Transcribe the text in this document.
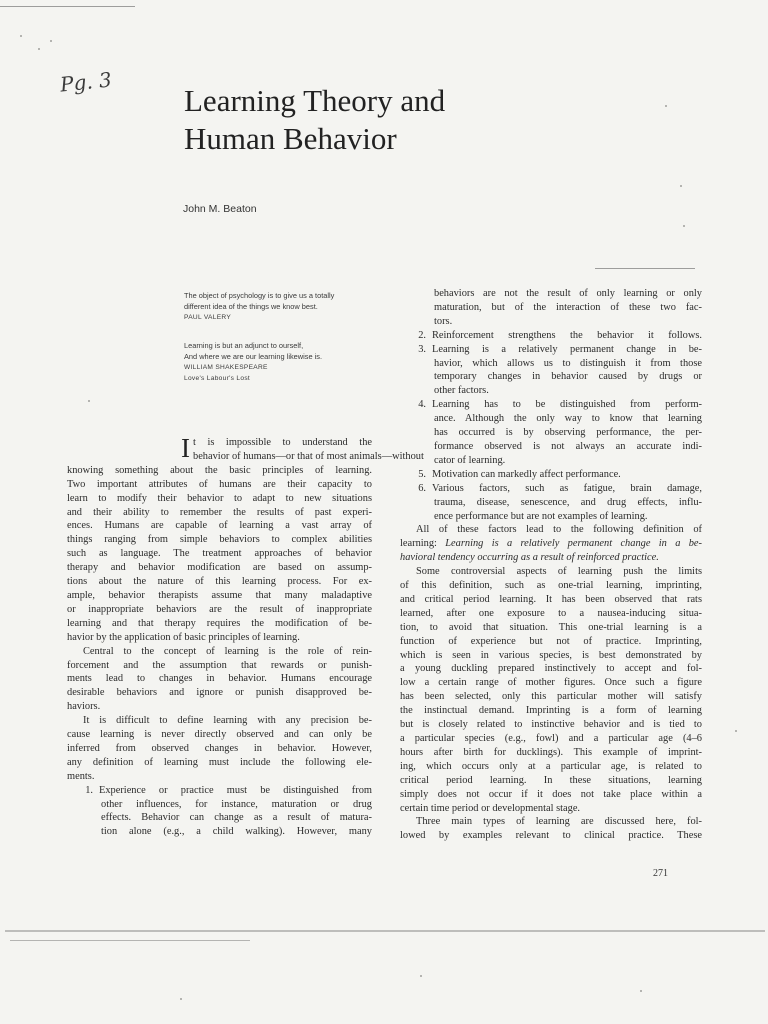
Pg. 3
Learning Theory and
Human Behavior
John M. Beaton
The object of psychology is to give us a totally
different idea of the things we know best.
PAUL VALERY
Learning is but an adjunct to ourself,
And where we are our learning likewise is.
WILLIAM SHAKESPEARE
Love's Labour's Lost
I t is impossible to understand the
behavior of humans—or that of most animals—without
knowing something about the basic principles of learning.
Two important attributes of humans are their capacity to
learn to modify their behavior to adapt to new situations
and their ability to remember the results of past experi-
ences. Humans are capable of learning a vast array of
things ranging from simple behaviors to complex abilities
such as language. The treatment approaches of behavior
therapy and behavior modification are based on assump-
tions about the nature of this learning process. For ex-
ample, behavior therapists assume that many maladaptive
or inappropriate behaviors are the result of inappropriate
learning and that therapy requires the modification of be-
havior by the application of basic principles of learning.
Central to the concept of learning is the role of rein-
forcement and the assumption that rewards or punish-
ments lead to changes in behavior. Humans encourage
desirable behaviors and ignore or punish disapproved be-
haviors.
It is difficult to define learning with any precision be-
cause learning is never directly observed and can only be
inferred from observed changes in behavior. However,
any definition of learning must include the following ele-
ments.
1. Experience or practice must be distinguished from
other influences, for instance, maturation or drug
effects. Behavior can change as a result of matura-
tion alone (e.g., a child walking). However, many
behaviors are not the result of only learning or only
maturation, but of the interaction of these two fac-
tors.
2. Reinforcement strengthens the behavior it follows.
3. Learning is a relatively permanent change in be-
havior, which allows us to distinguish it from those
temporary changes in behavior caused by drugs or
other factors.
4. Learning has to be distinguished from perform-
ance. Although the only way to know that learning
has occurred is by observing performance, the per-
formance observed is not always an accurate indi-
cator of learning.
5. Motivation can markedly affect performance.
6. Various factors, such as fatigue, brain damage,
trauma, disease, senescence, and drug effects, influ-
ence performance but are not examples of learning.
All of these factors lead to the following definition of
learning: Learning is a relatively permanent change in a be-
havioral tendency occurring as a result of reinforced practice.
Some controversial aspects of learning push the limits
of this definition, such as one-trial learning, imprinting,
and critical period learning. It has been observed that rats
learned, after one exposure to a nausea-inducing situa-
tion, to avoid that situation. This one-trial learning is a
function of experience but not of practice. Imprinting,
which is seen in various species, is best demonstrated by
a young duckling prepared instinctively to accept and fol-
low a certain range of mother figures. Once such a figure
has been selected, only this particular mother will satisfy
the instinctual demand. Imprinting is a form of learning
but is closely related to instinctive behavior and is tied to
a particular species (e.g., fowl) and a particular age (4–6
hours after birth for ducklings). This example of imprint-
ing, which occurs only at a particular age, is related to
critical period learning. In these situations, learning
simply does not occur if it does not take place within a
certain time period or developmental stage.
Three main types of learning are discussed here, fol-
lowed by examples relevant to clinical practice. These
271
